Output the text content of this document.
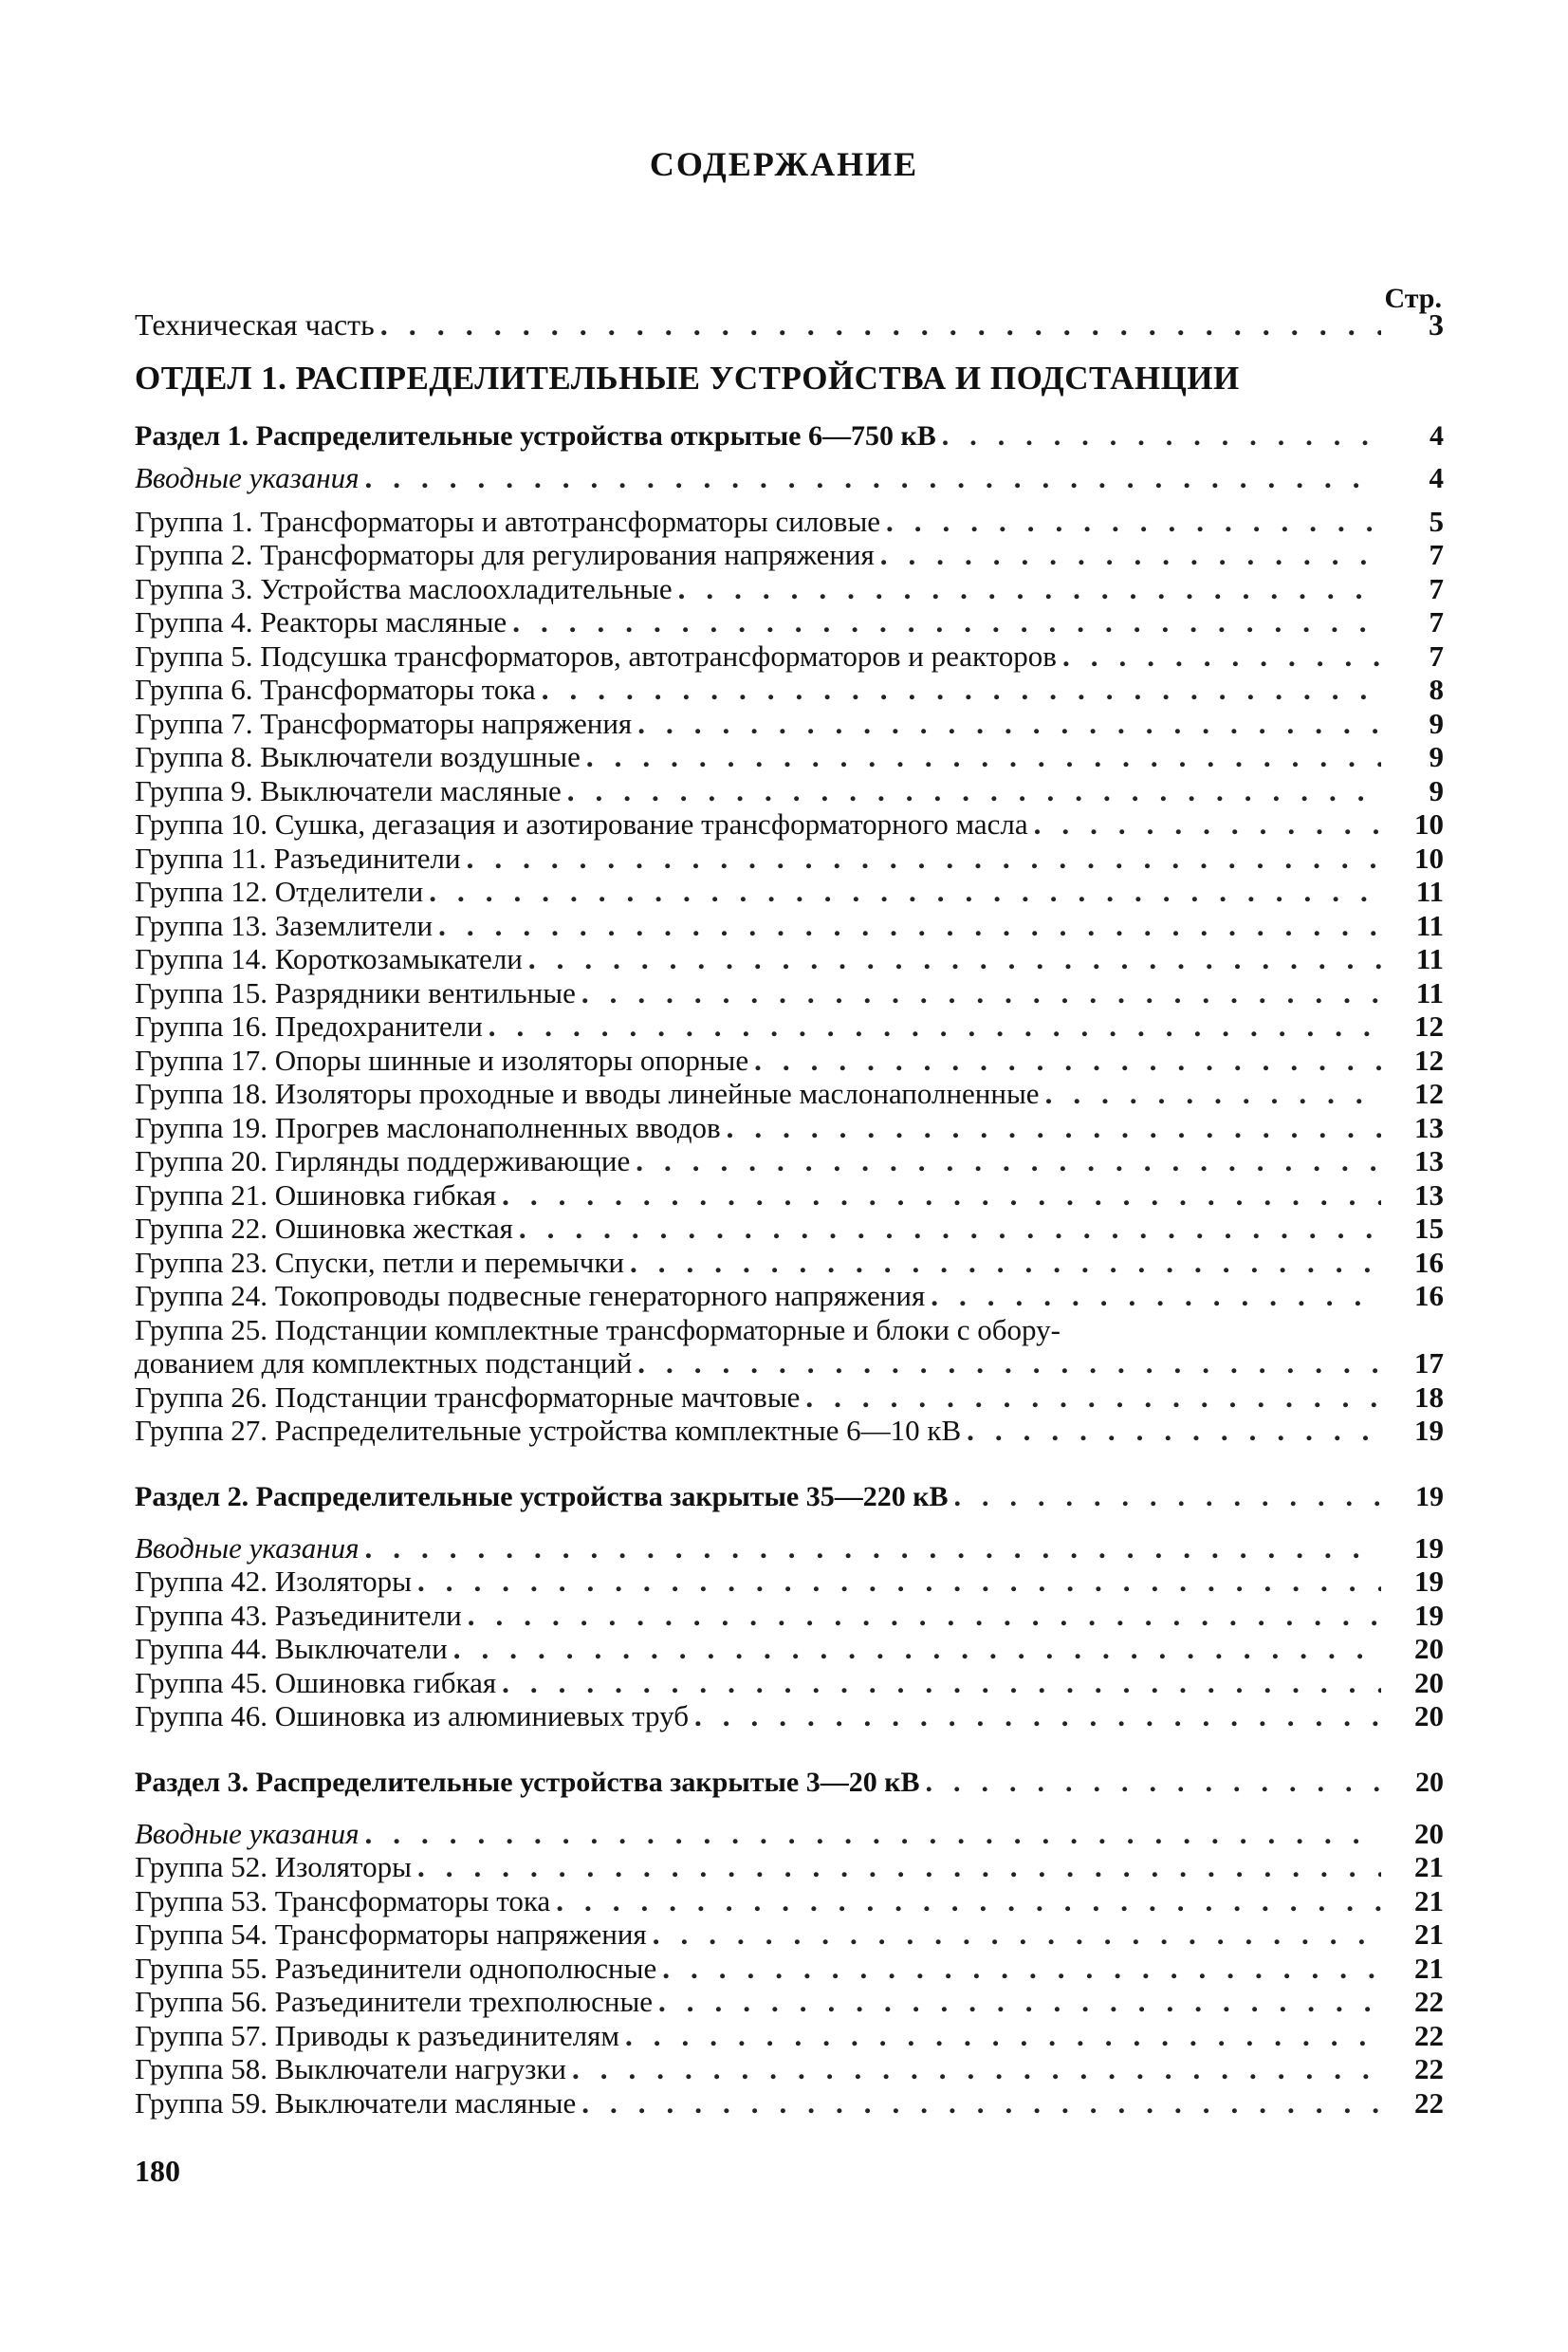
СОДЕРЖАНИЕ
Стр.
Техническая часть .....	3
ОТДЕЛ 1. РАСПРЕДЕЛИТЕЛЬНЫЕ УСТРОЙСТВА И ПОДСТАНЦИИ
Раздел 1. Распределительные устройства открытые 6—750 кВ .....	4
Вводные указания .....	4
Группа 1. Трансформаторы и автотрансформаторы силовые .....	5
Группа 2. Трансформаторы для регулирования напряжения .....	7
Группа 3. Устройства маслоохладительные .....	7
Группа 4. Реакторы масляные .....	7
Группа 5. Подсушка трансформаторов, автотрансформаторов и реакторов .....	7
Группа 6. Трансформаторы тока .....	8
Группа 7. Трансформаторы напряжения .....	9
Группа 8. Выключатели воздушные .....	9
Группа 9. Выключатели масляные .....	9
Группа 10. Сушка, дегазация и азотирование трансформаторного масла .....	10
Группа 11. Разъединители .....	10
Группа 12. Отделители .....	11
Группа 13. Заземлители .....	11
Группа 14. Короткозамыкатели .....	11
Группа 15. Разрядники вентильные .....	11
Группа 16. Предохранители .....	12
Группа 17. Опоры шинные и изоляторы опорные .....	12
Группа 18. Изоляторы проходные и вводы линейные маслонаполненные .....	12
Группа 19. Прогрев маслонаполненных вводов .....	13
Группа 20. Гирлянды поддерживающие .....	13
Группа 21. Ошиновка гибкая .....	13
Группа 22. Ошиновка жесткая .....	15
Группа 23. Спуски, петли и перемычки .....	16
Группа 24. Токопроводы подвесные генераторного напряжения .....	16
Группа 25. Подстанции комплектные трансформаторные и блоки с обору-
дованием для комплектных подстанций .....	17
Группа 26. Подстанции трансформаторные мачтовые .....	18
Группа 27. Распределительные устройства комплектные 6—10 кВ .....	19
Раздел 2. Распределительные устройства закрытые 35—220 кВ .....	19
Вводные указания .....	19
Группа 42. Изоляторы .....	19
Группа 43. Разъединители .....	19
Группа 44. Выключатели .....	20
Группа 45. Ошиновка гибкая .....	20
Группа 46. Ошиновка из алюминиевых труб .....	20
Раздел 3. Распределительные устройства закрытые 3—20 кВ .....	20
Вводные указания .....	20
Группа 52. Изоляторы .....	21
Группа 53. Трансформаторы тока .....	21
Группа 54. Трансформаторы напряжения .....	21
Группа 55. Разъединители однополюсные .....	21
Группа 56. Разъединители трехполюсные .....	22
Группа 57. Приводы к разъединителям .....	22
Группа 58. Выключатели нагрузки .....	22
Группа 59. Выключатели масляные .....	22
180
